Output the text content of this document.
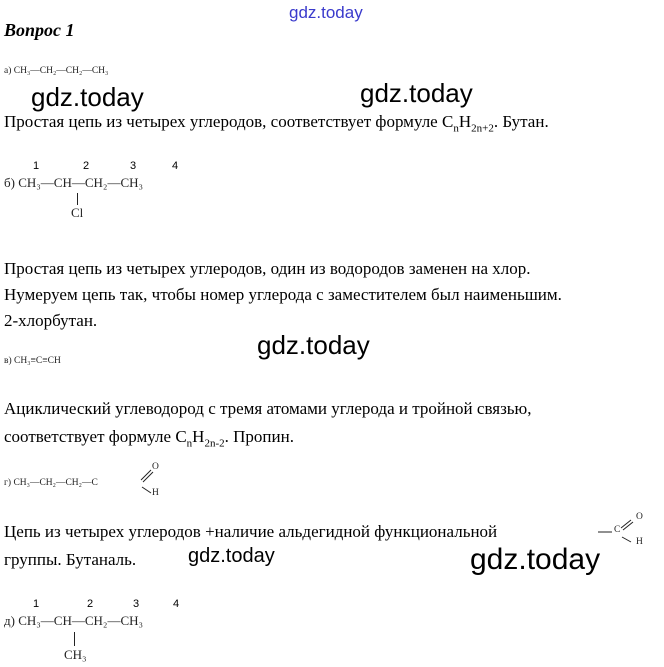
gdz.today
Вопрос 1
а) CH₃—CH₂—CH₂—CH₃
gdz.today	gdz.today
Простая цепь из четырех углеродов, соответствует формуле $C_nH_{2n+2}$. Бутан.
1	2	3	4
б) CH₃—CH—CH₂—CH₃
Cl
Простая цепь из четырех углеродов, один из водородов заменен на хлор.
Нумеруем цепь так, чтобы номер углерода с заместителем был наименьшим.
2-хлорбутан.
gdz.today
в) CH₃≡C≡CH
Ациклический углеводород с тремя атомами углерода и тройной связью,
соответствует формуле $C_nH_{2n-2}$. Пропин.
г) CH₃—CH₂—CH₂—C
O
H
Цепь из четырех углеродов +наличие альдегидной функциональной
группы. Бутаналь.
C
O
H
gdz.today	gdz.today
1	2	3	4
д) CH₃—CH—CH₂—CH₃
CH₃
